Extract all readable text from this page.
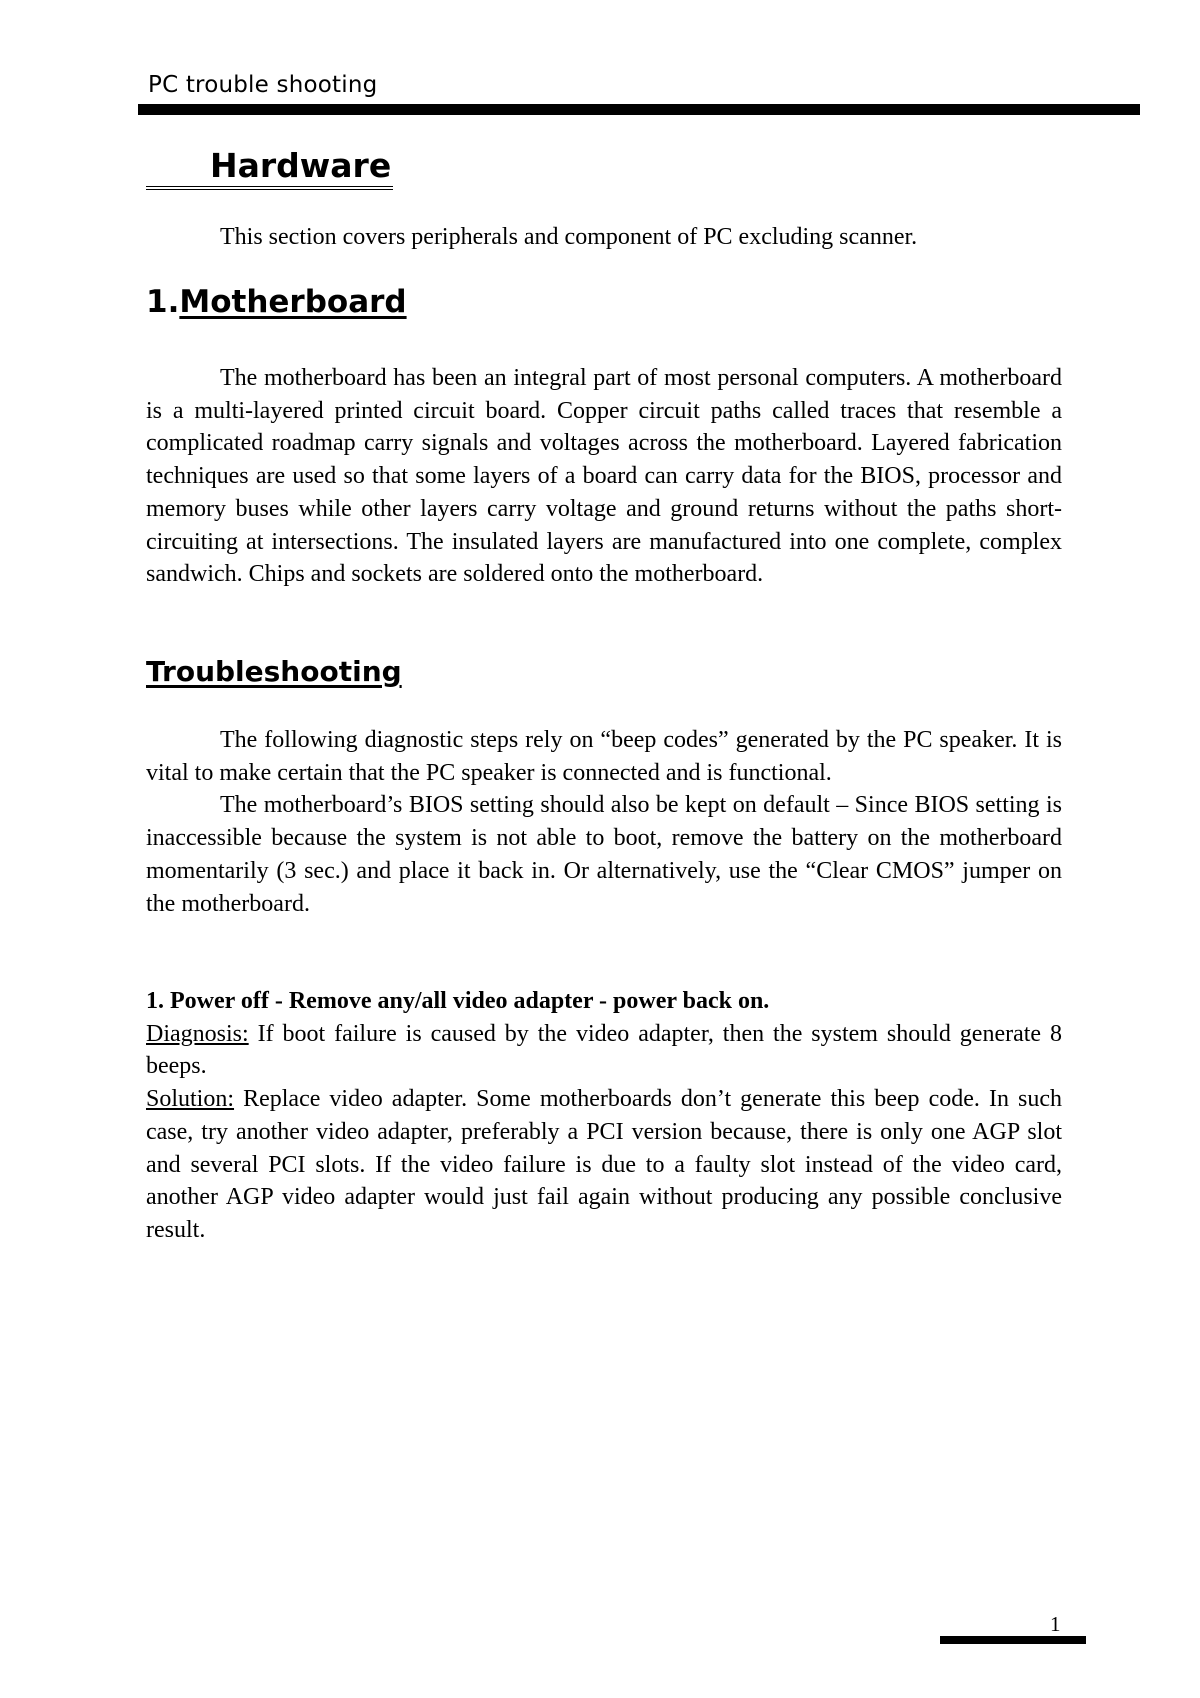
PC trouble shooting
Hardware
This section covers peripherals and component of PC excluding scanner.
1.Motherboard

The motherboard has been an integral part of most personal computers. A motherboard is a multi-layered printed circuit board. Copper circuit paths called traces that resemble a complicated roadmap carry signals and voltages across the motherboard. Layered fabrication techniques are used so that some layers of a board can carry data for the BIOS, processor and memory buses while other layers carry voltage and ground returns without the paths short-circuiting at intersections. The insulated layers are manufactured into one complete, complex sandwich. Chips and sockets are soldered onto the motherboard.

Troubleshooting

The following diagnostic steps rely on “beep codes” generated by the PC speaker. It is vital to make certain that the PC speaker is connected and is functional.

The motherboard’s BIOS setting should also be kept on default – Since BIOS setting is inaccessible because the system is not able to boot, remove the battery on the motherboard momentarily (3 sec.) and place it back in. Or alternatively, use the “Clear CMOS” jumper on the motherboard.

1. Power off - Remove any/all video adapter - power back on.

Diagnosis: If boot failure is caused by the video adapter, then the system should generate 8 beeps.

Solution: Replace video adapter. Some motherboards don’t generate this beep code. In such case, try another video adapter, preferably a PCI version because, there is only one AGP slot and several PCI slots. If the video failure is due to a faulty slot instead of the video card, another AGP video adapter would just fail again without producing any possible conclusive result.

1
